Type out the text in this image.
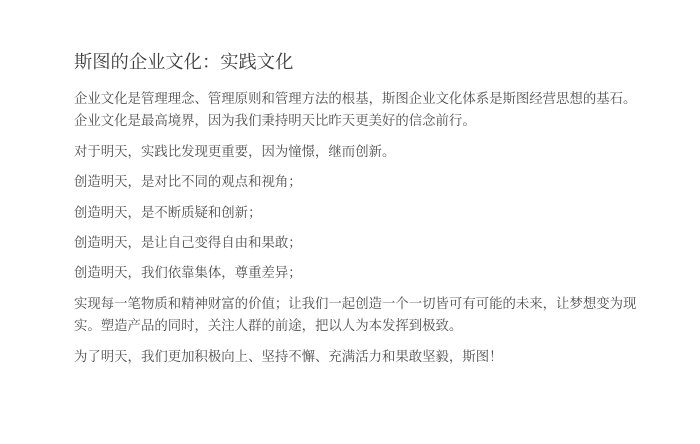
斯图的企业文化：实践文化

企业文化是管理理念、管理原则和管理方法的根基，斯图企业文化体系是斯图经营思想的基石。企业文化是最高境界，因为我们秉持明天比昨天更美好的信念前行。

对于明天，实践比发现更重要，因为憧憬，继而创新。

创造明天，是对比不同的观点和视角；

创造明天，是不断质疑和创新；

创造明天，是让自己变得自由和果敢；

创造明天，我们依靠集体，尊重差异；

实现每一笔物质和精神财富的价值；让我们一起创造一个一切皆可有可能的未来，让梦想变为现实。塑造产品的同时，关注人群的前途，把以人为本发挥到极致。

为了明天，我们更加积极向上、坚持不懈、充满活力和果敢坚毅，斯图！
